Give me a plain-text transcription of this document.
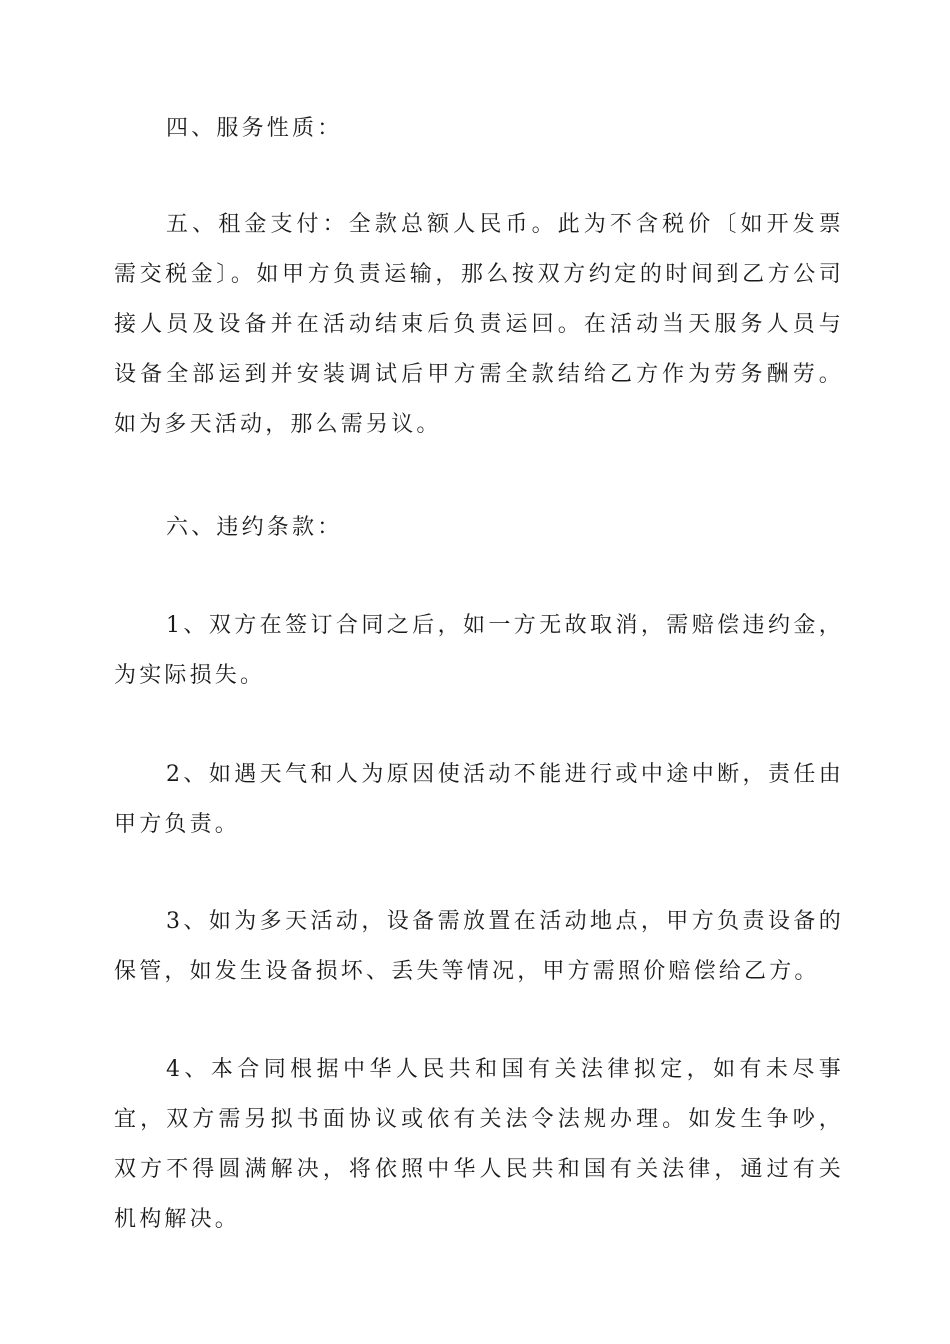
四、服务性质：

五、租金支付：全款总额人民币。此为不含税价〔如开发票需交税金〕。如甲方负责运输，那么按双方约定的时间到乙方公司接人员及设备并在活动结束后负责运回。在活动当天服务人员与设备全部运到并安装调试后甲方需全款结给乙方作为劳务酬劳。如为多天活动，那么需另议。

六、违约条款：

1、双方在签订合同之后，如一方无故取消，需赔偿违约金，为实际损失。

2、如遇天气和人为原因使活动不能进行或中途中断，责任由甲方负责。

3、如为多天活动，设备需放置在活动地点，甲方负责设备的保管，如发生设备损坏、丢失等情况，甲方需照价赔偿给乙方。

4、本合同根据中华人民共和国有关法律拟定，如有未尽事宜，双方需另拟书面协议或依有关法令法规办理。如发生争吵，双方不得圆满解决，将依照中华人民共和国有关法律，通过有关机构解决。
